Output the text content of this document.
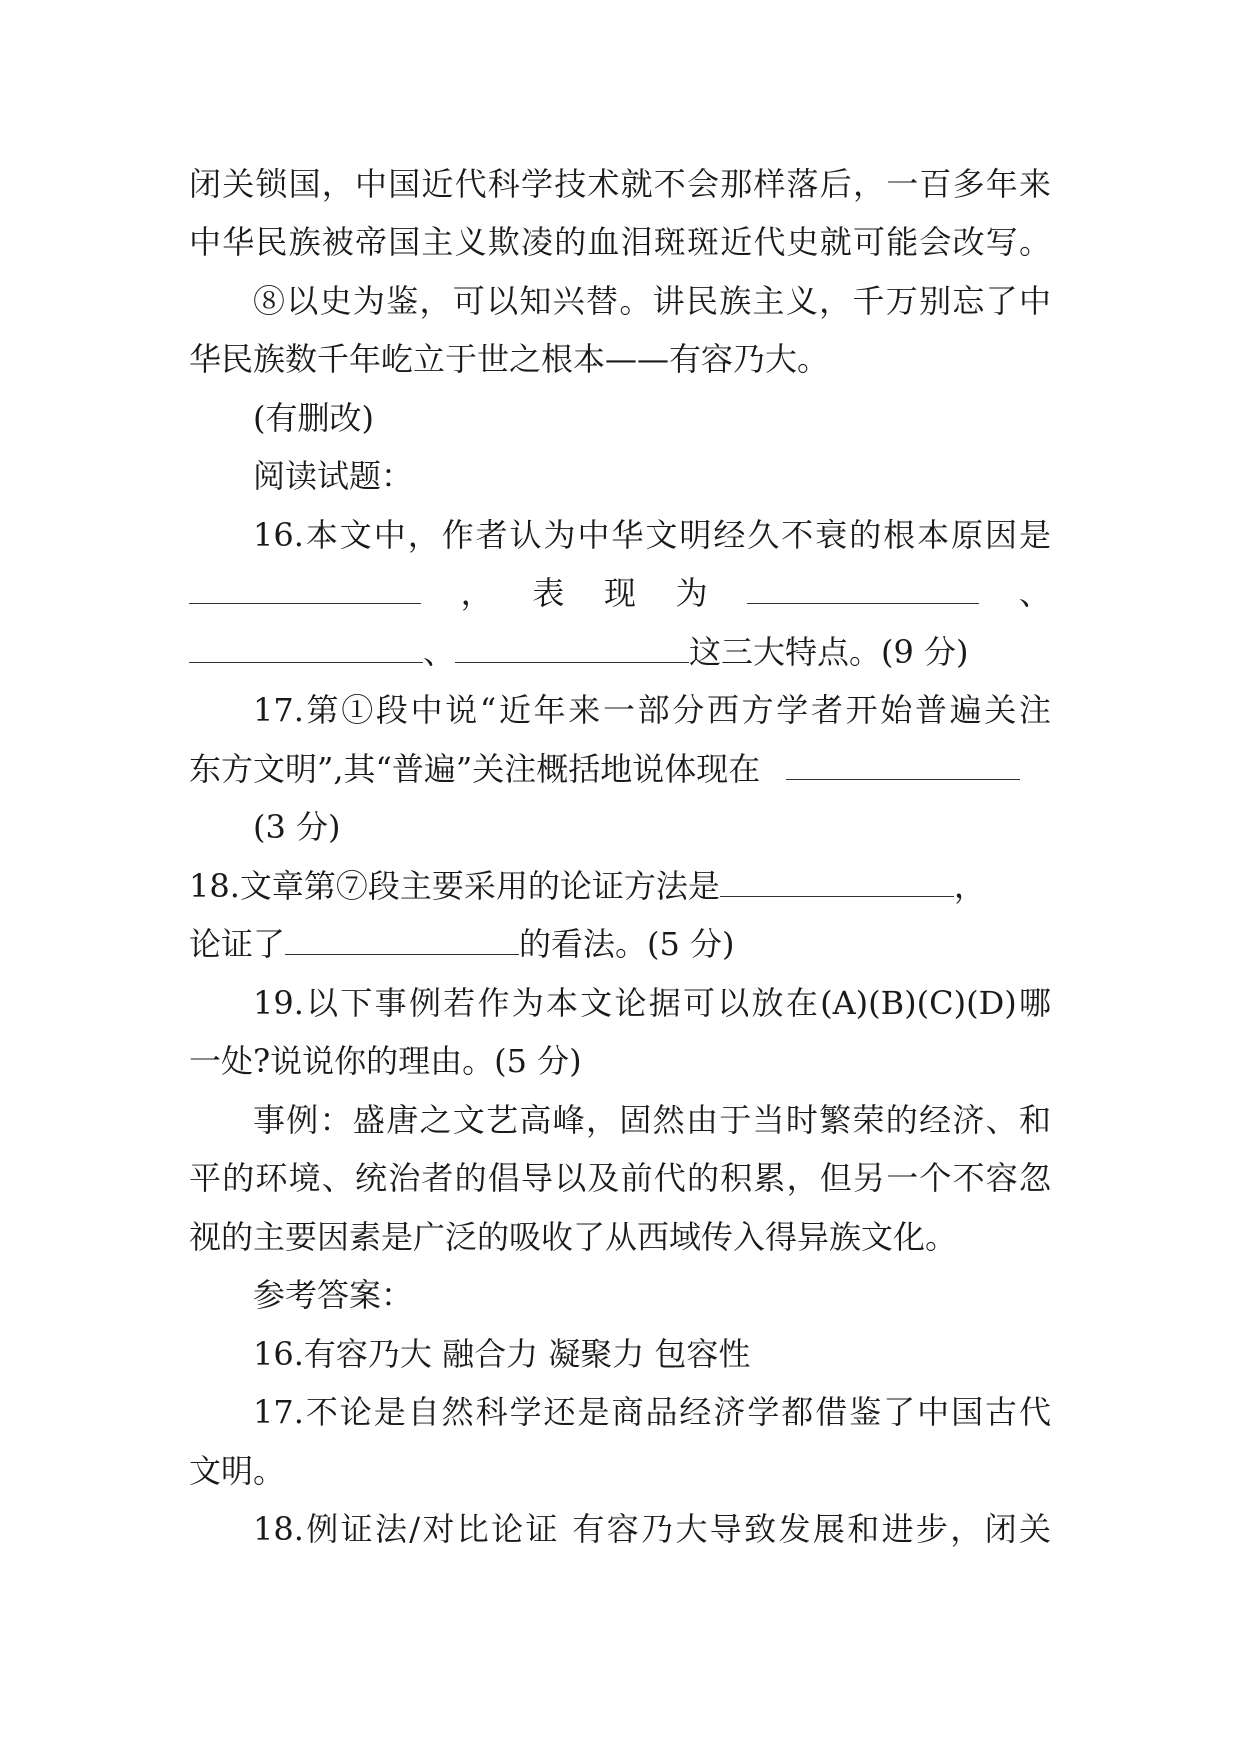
闭关锁国，中国近代科学技术就不会那样落后，一百多年来
中华民族被帝国主义欺凌的血泪斑斑近代史就可能会改写。
⑧以史为鉴，可以知兴替。讲民族主义，千万别忘了中
华民族数千年屹立于世之根本——有容乃大。
(有删改)
阅读试题：
16.本文中，作者认为中华文明经久不衰的根本原因是
，表现为	、
、	这三大特点。(9 分)
17.第①段中说“近年来一部分西方学者开始普遍关注
东方文明”,其“普遍”关注概括地说体现在
(3 分)
18.文章第⑦段主要采用的论证方法是	，
论证了	的看法。(5 分)
19.以下事例若作为本文论据可以放在(A)(B)(C)(D)哪
一处?说说你的理由。(5 分)
事例：盛唐之文艺高峰，固然由于当时繁荣的经济、和
平的环境、统治者的倡导以及前代的积累，但另一个不容忽
视的主要因素是广泛的吸收了从西域传入得异族文化。
参考答案：
16.有容乃大 融合力 凝聚力 包容性
17.不论是自然科学还是商品经济学都借鉴了中国古代
文明。
18.例证法/对比论证 有容乃大导致发展和进步，闭关
